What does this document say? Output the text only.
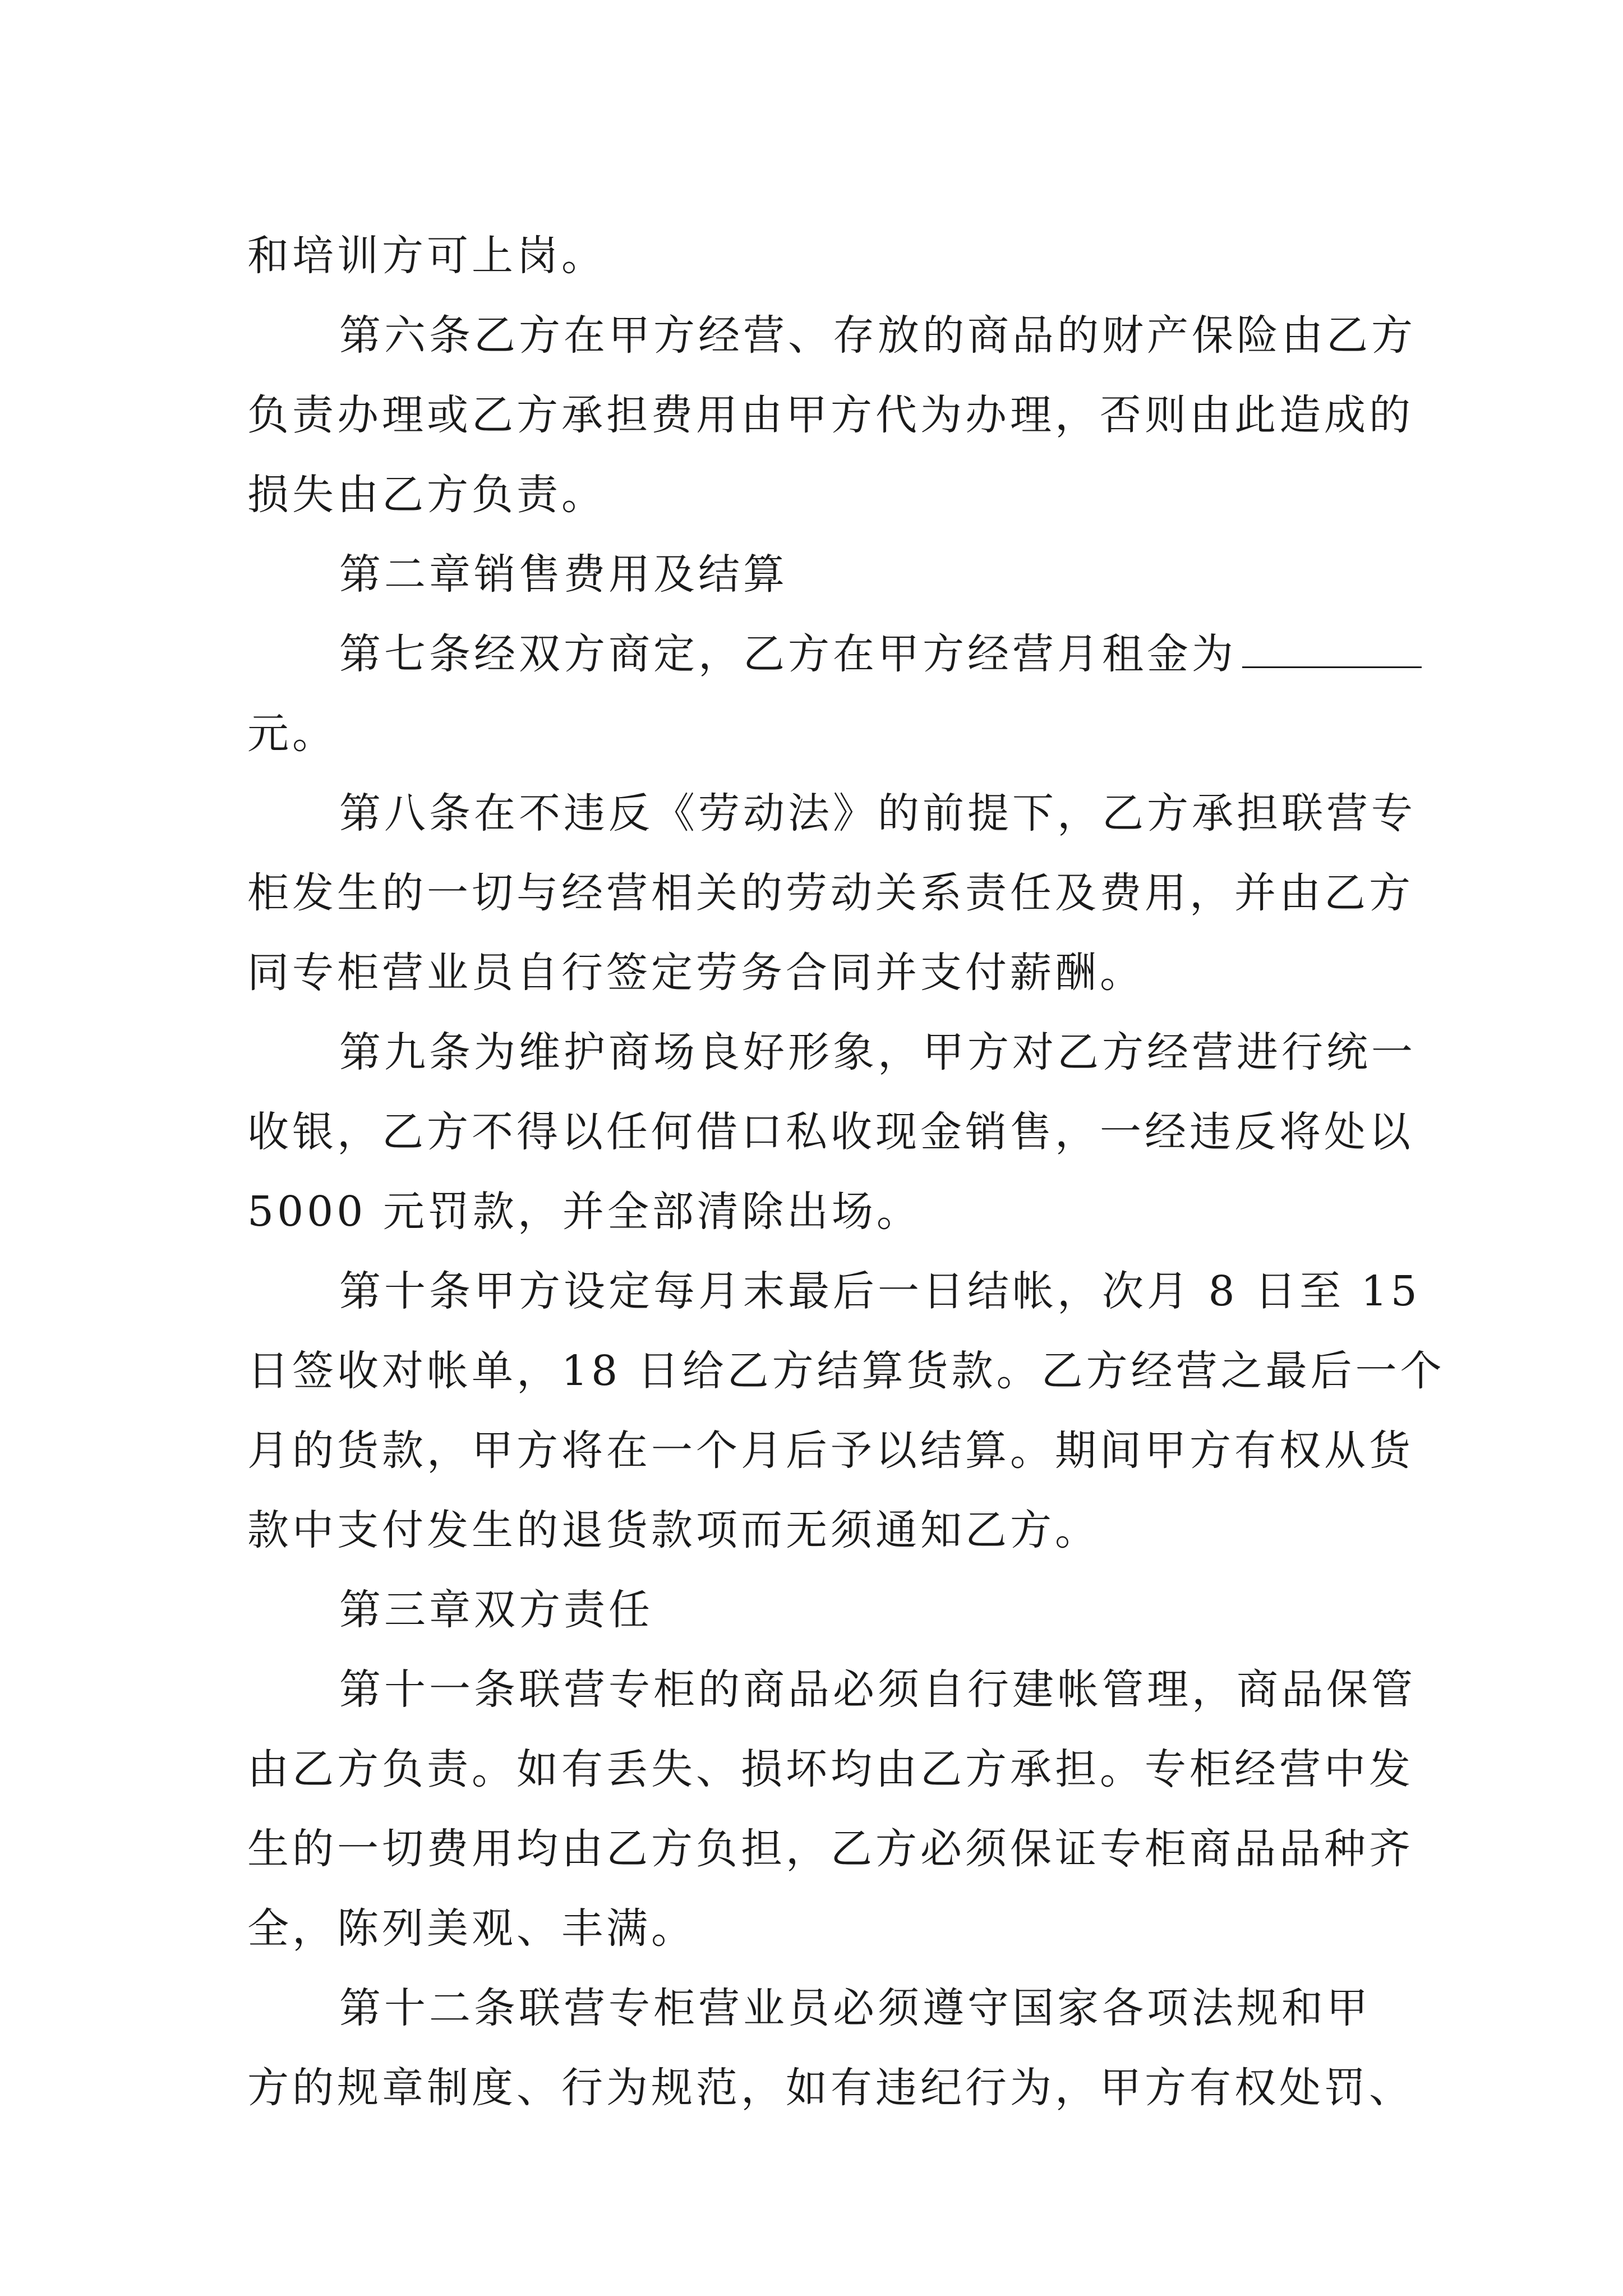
和培训方可上岗。
第六条乙方在甲方经营、存放的商品的财产保险由乙方
负责办理或乙方承担费用由甲方代为办理，否则由此造成的
损失由乙方负责。
第二章销售费用及结算
第七条经双方商定，乙方在甲方经营月租金为
元。
第八条在不违反《劳动法》的前提下，乙方承担联营专
柜发生的一切与经营相关的劳动关系责任及费用，并由乙方
同专柜营业员自行签定劳务合同并支付薪酬。
第九条为维护商场良好形象，甲方对乙方经营进行统一
收银，乙方不得以任何借口私收现金销售，一经违反将处以
5000 元罚款，并全部清除出场。
第十条甲方设定每月末最后一日结帐，次月 8 日至 15
日签收对帐单，18 日给乙方结算货款。乙方经营之最后一个
月的货款，甲方将在一个月后予以结算。期间甲方有权从货
款中支付发生的退货款项而无须通知乙方。
第三章双方责任
第十一条联营专柜的商品必须自行建帐管理，商品保管
由乙方负责。如有丢失、损坏均由乙方承担。专柜经营中发
生的一切费用均由乙方负担，乙方必须保证专柜商品品种齐
全，陈列美观、丰满。
第十二条联营专柜营业员必须遵守国家各项法规和甲
方的规章制度、行为规范，如有违纪行为，甲方有权处罚、
